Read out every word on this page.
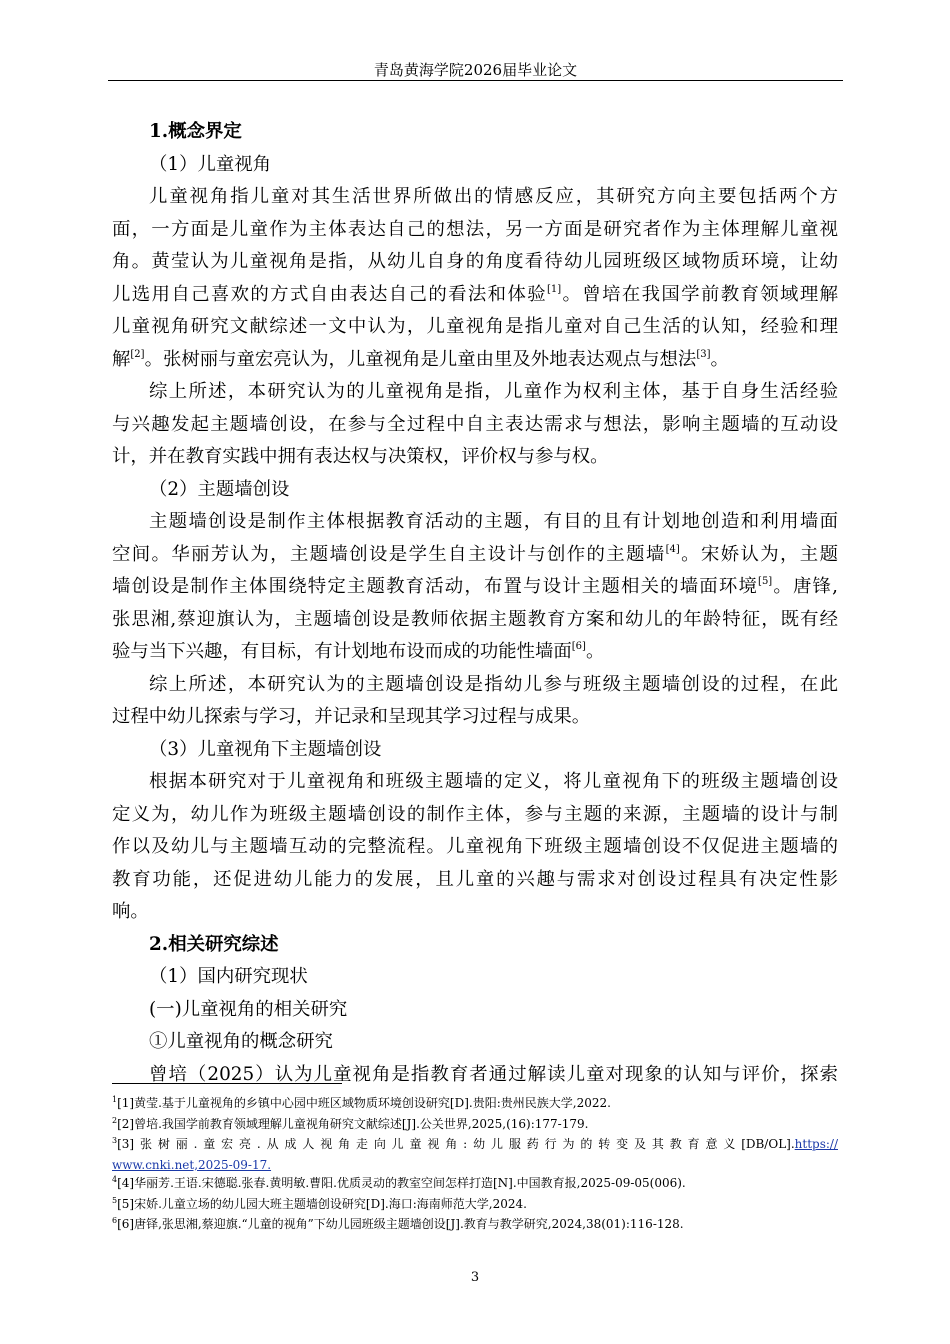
青岛黄海学院2026届毕业论文
1.概念界定
（1）儿童视角
儿童视角指儿童对其生活世界所做出的情感反应，其研究方向主要包括两个方
面，一方面是儿童作为主体表达自己的想法，另一方面是研究者作为主体理解儿童视
角。黄莹认为儿童视角是指，从幼儿自身的角度看待幼儿园班级区域物质环境，让幼
儿选用自己喜欢的方式自由表达自己的看法和体验[1]。曾培在我国学前教育领域理解
儿童视角研究文献综述一文中认为，儿童视角是指儿童对自己生活的认知，经验和理
解[2]。张树丽与童宏亮认为，儿童视角是儿童由里及外地表达观点与想法[3]。
综上所述，本研究认为的儿童视角是指，儿童作为权利主体，基于自身生活经验
与兴趣发起主题墙创设，在参与全过程中自主表达需求与想法，影响主题墙的互动设
计，并在教育实践中拥有表达权与决策权，评价权与参与权。
（2）主题墙创设
主题墙创设是制作主体根据教育活动的主题，有目的且有计划地创造和利用墙面
空间。华丽芳认为，主题墙创设是学生自主设计与创作的主题墙[4]。宋娇认为，主题
墙创设是制作主体围绕特定主题教育活动，布置与设计主题相关的墙面环境[5]。唐锋,
张思湘,蔡迎旗认为，主题墙创设是教师依据主题教育方案和幼儿的年龄特征，既有经
验与当下兴趣，有目标，有计划地布设而成的功能性墙面[6]。
综上所述，本研究认为的主题墙创设是指幼儿参与班级主题墙创设的过程，在此
过程中幼儿探索与学习，并记录和呈现其学习过程与成果。
（3）儿童视角下主题墙创设
根据本研究对于儿童视角和班级主题墙的定义，将儿童视角下的班级主题墙创设
定义为，幼儿作为班级主题墙创设的制作主体，参与主题的来源，主题墙的设计与制
作以及幼儿与主题墙互动的完整流程。儿童视角下班级主题墙创设不仅促进主题墙的
教育功能，还促进幼儿能力的发展，且儿童的兴趣与需求对创设过程具有决定性影
响。
2.相关研究综述
（1）国内研究现状
(一)儿童视角的相关研究
①儿童视角的概念研究
曾培（2025）认为儿童视角是指教育者通过解读儿童对现象的认知与评价，探索
$^1$[1]黄莹.基于儿童视角的乡镇中心园中班区域物质环境创设研究[D].贵阳:贵州民族大学,2022.
$^2$[2]曾培.我国学前教育领域理解儿童视角研究文献综述[J].公关世界,2025,(16):177-179.
$^3$[3]张树丽.童宏亮.从成人视角走向儿童视角:幼儿服药行为的转变及其教育意义[DB/OL].https://
www.cnki.net,2025-09-17.
$^4$[4]华丽芳.王语.宋德聪.张春.黄明敏.曹阳.优质灵动的教室空间怎样打造[N].中国教育报,2025-09-05(006).
$^5$[5]宋娇.儿童立场的幼儿园大班主题墙创设研究[D].海口:海南师范大学,2024.
$^6$[6]唐铎,张思湘,蔡迎旗.“儿童的视角”下幼儿园班级主题墙创设[J].教育与教学研究,2024,38(01):116-128.
3
